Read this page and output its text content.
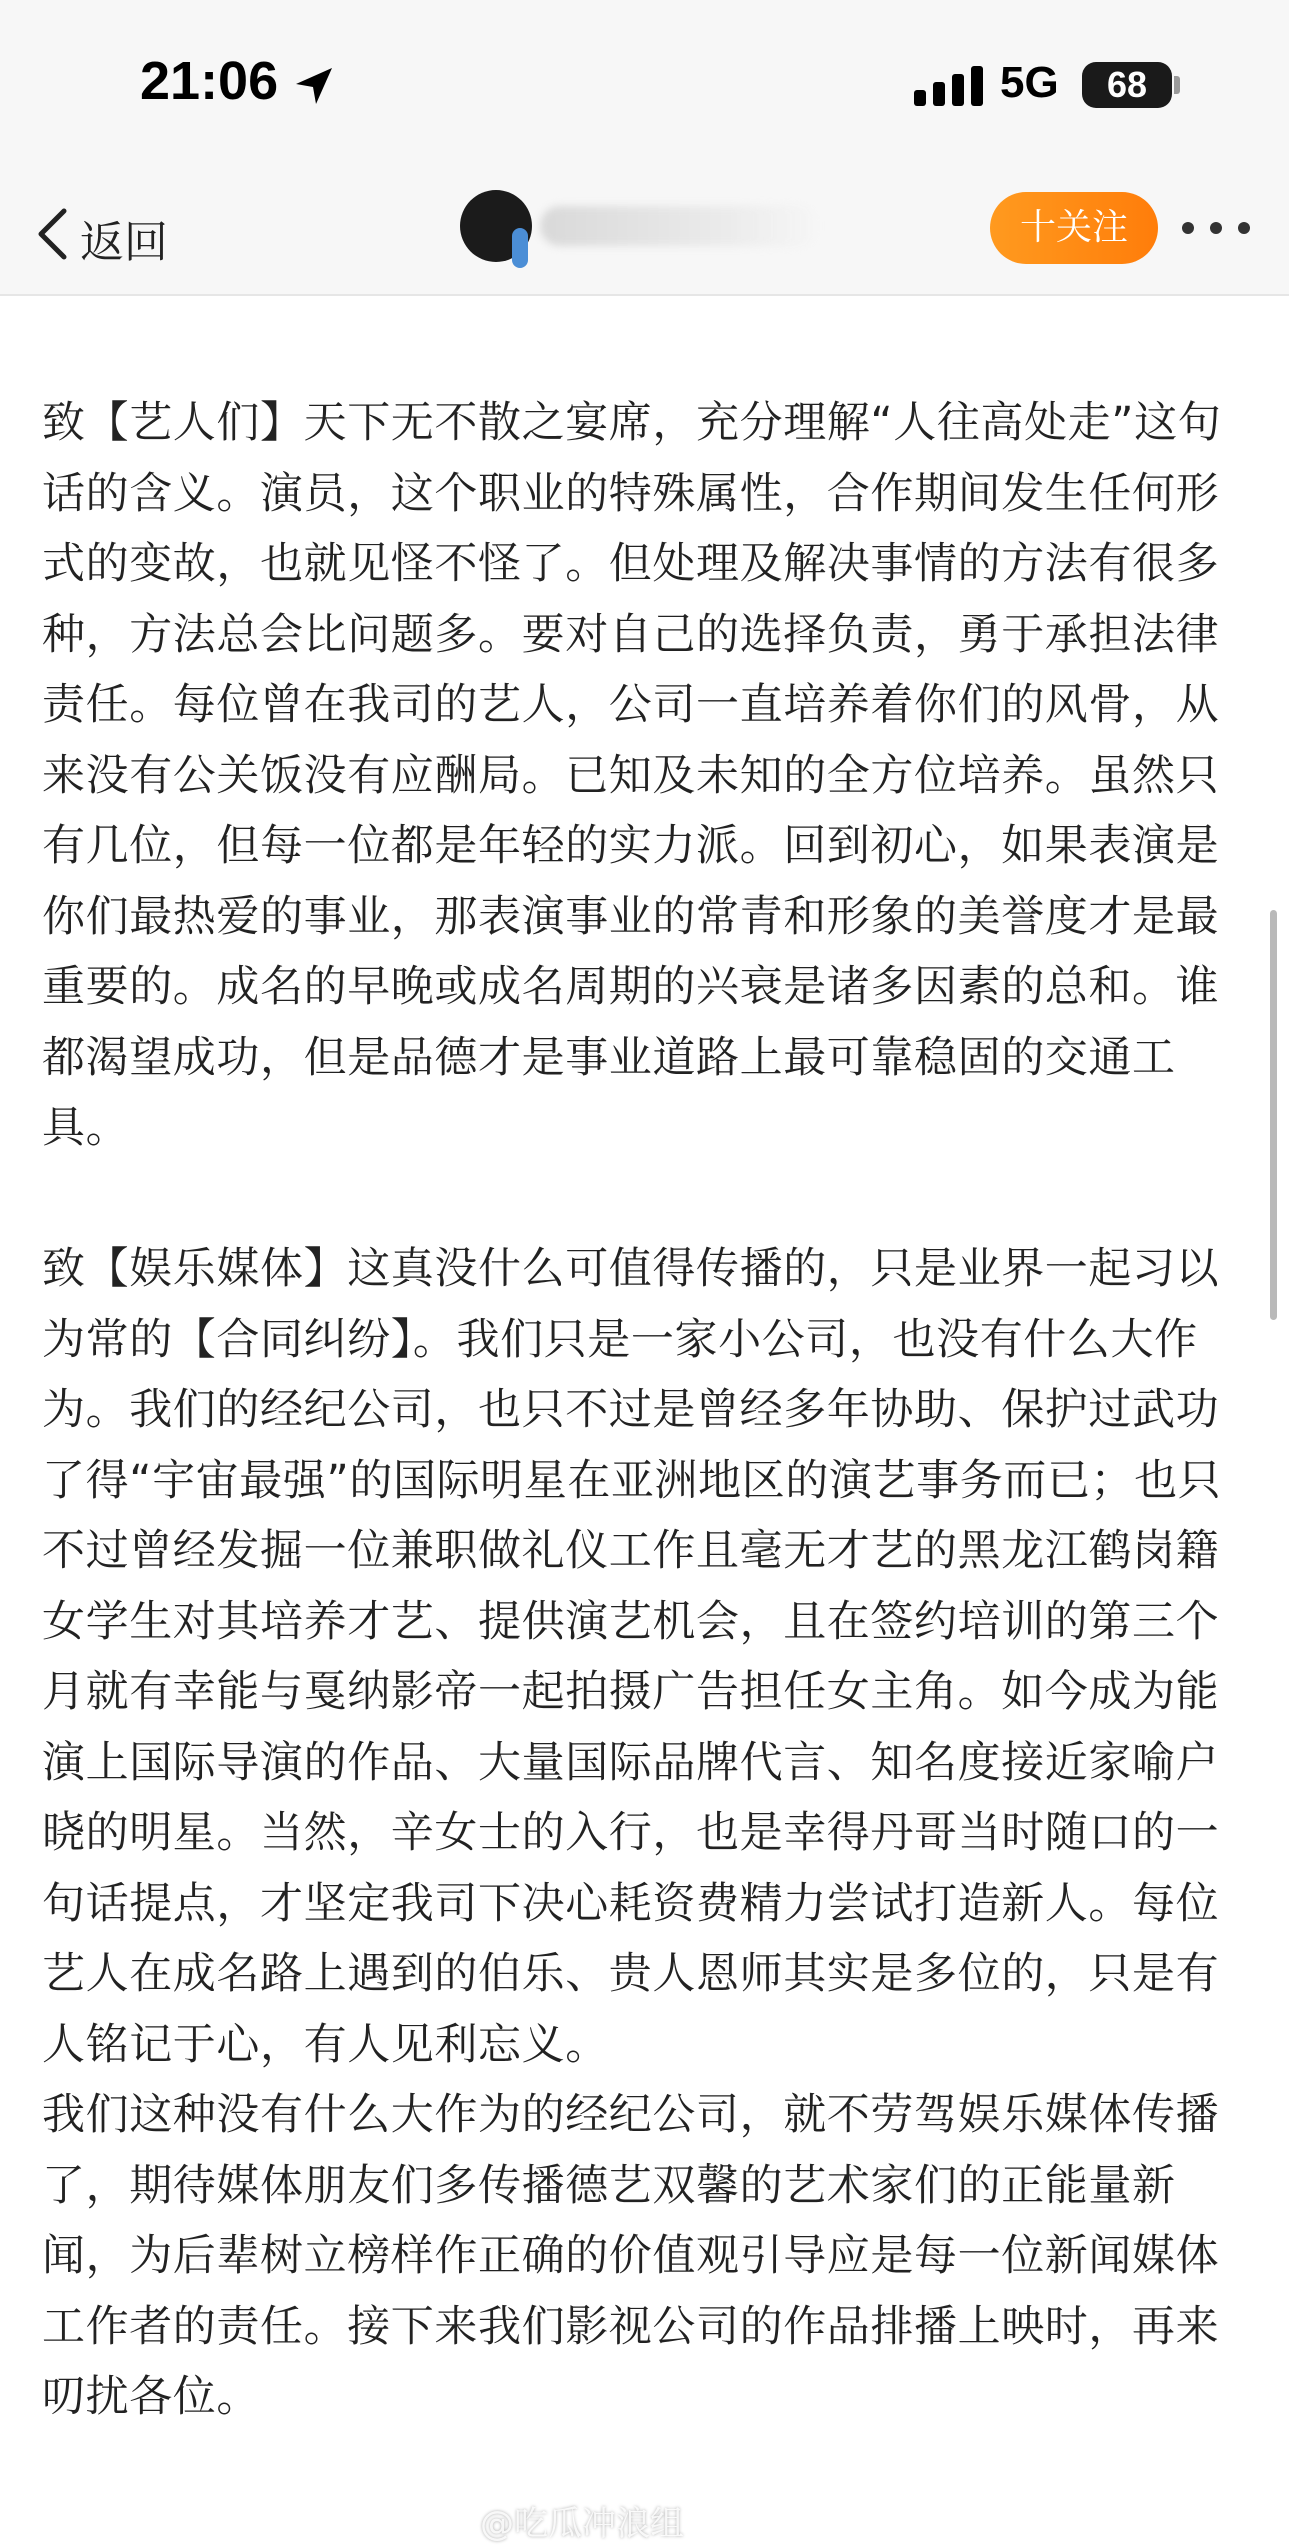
21:06	5G	68
返回	十关注

致【艺人们】天下无不散之宴席，充分理解“人往高处走”这句话的含义。演员，这个职业的特殊属性，合作期间发生任何形式的变故，也就见怪不怪了。但处理及解决事情的方法有很多种，方法总会比问题多。要对自己的选择负责，勇于承担法律责任。每位曾在我司的艺人，公司一直培养着你们的风骨，从来没有公关饭没有应酬局。已知及未知的全方位培养。虽然只有几位，但每一位都是年轻的实力派。回到初心，如果表演是你们最热爱的事业，那表演事业的常青和形象的美誉度才是最重要的。成名的早晚或成名周期的兴衰是诸多因素的总和。谁都渴望成功，但是品德才是事业道路上最可靠稳固的交通工具。

致【娱乐媒体】这真没什么可值得传播的，只是业界一起习以为常的【合同纠纷】。我们只是一家小公司，也没有什么大作为。我们的经纪公司，也只不过是曾经多年协助、保护过武功了得“宇宙最强”的国际明星在亚洲地区的演艺事务而已；也只不过曾经发掘一位兼职做礼仪工作且毫无才艺的黑龙江鹤岗籍女学生对其培养才艺、提供演艺机会，且在签约培训的第三个月就有幸能与戛纳影帝一起拍摄广告担任女主角。如今成为能演上国际导演的作品、大量国际品牌代言、知名度接近家喻户晓的明星。当然，辛女士的入行，也是幸得丹哥当时随口的一句话提点，才坚定我司下决心耗资费精力尝试打造新人。每位艺人在成名路上遇到的伯乐、贵人恩师其实是多位的，只是有人铭记于心，有人见利忘义。

我们这种没有什么大作为的经纪公司，就不劳驾娱乐媒体传播了，期待媒体朋友们多传播德艺双馨的艺术家们的正能量新闻，为后辈树立榜样作正确的价值观引导应是每一位新闻媒体工作者的责任。接下来我们影视公司的作品排播上映时，再来叨扰各位。

@吃瓜冲浪组
